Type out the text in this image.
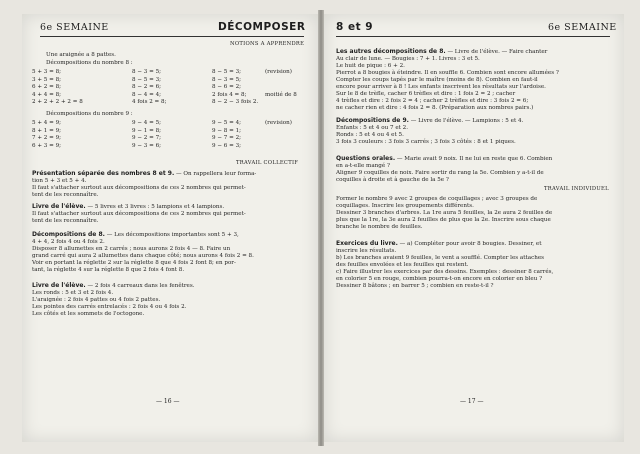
6e SEMAINE	DÉCOMPOSER
NOTIONS A APPRENDRE
Une araignée a 8 pattes.
Décompositions du nombre 8 :
5 + 3 = 8;
3 + 5 = 8;
6 + 2 = 8;
4 + 4 = 8;
2 + 2 + 2 + 2 = 8
8 − 3 = 5;
8 − 5 = 3;
8 − 2 = 6;
8 − 4 = 4;
4 fois 2 = 8;
8 − 5 = 3;
8 − 3 = 5;
8 − 6 = 2;
2 fois 4 = 8;
8 − 2 − 3 fois 2.
(revision)
moitié de 8
Décompositions du nombre 9 :
5 + 4 = 9;
8 + 1 = 9;
7 + 2 = 9;
6 + 3 = 9;
9 − 4 = 5;
9 − 1 = 8;
9 − 2 = 7;
9 − 3 = 6;
9 − 5 = 4;
9 − 8 = 1;
9 − 7 = 2;
9 − 6 = 3;
(revision)
TRAVAIL COLLECTIF
Présentation séparée des nombres 8 et 9. — On rappellera leur forma-
tion 5 + 3 et 5 + 4.
Il faut s'attacher surtout aux décompositions de ces 2 nombres qui permet-
tent de les reconnaître.
Livre de l'élève. — 5 livres et 3 livres : 5 lampions et 4 lampions.
Il faut s'attacher surtout aux décompositions de ces 2 nombres qui permet-
tent de les reconnaître.
Décompositions de 8. — Les décompositions importantes sont 5 + 3,
4 + 4, 2 fois 4 ou 4 fois 2.
Disposer 8 allumettes en 2 carrés ; nous aurons 2 fois 4 — 8. Faire un
grand carré qui aura 2 allumettes dans chaque côté; nous aurons 4 fois 2 = 8.
Voir en portant la réglette 2 sur la réglette 8 que 4 fois 2 font 8; en por-
tant, la réglette 4 sur la réglette 8 que 2 fois 4 font 8.
Livre de l'élève. — 2 fois 4 carreaux dans les fenêtres.
Les ronds : 5 et 3 et 2 fois 4.
L'araignée : 2 fois 4 pattes ou 4 fois 2 pattes.
Les pointes des carrés entrelacés : 2 fois 4 ou 4 fois 2.
Les côtés et les sommets de l'octogone.
— 16 —
8 et 9	6e SEMAINE
Les autres décompositions de 8. — Livre de l'élève. — Faire chanter
Au clair de lune. — Bougies : 7 + 1. Livres : 3 et 5.
Le huit de pique : 6 + 2.
Pierrot a 8 bougies à éteindre. Il en souffle 6. Combien sont encore allumées ?
Compter les coups tapés par le maître (moins de 8). Combien en faut-il
encore pour arriver à 8 ! Les enfants inscrivent les résultats sur l'ardoise.
Sur le 8 de trèfle, cacher 6 trèfles et dire : 1 fois 2 = 2 ; cacher
4 trèfles et dire : 2 fois 2 = 4 ; cacher 2 trèfles et dire : 3 fois 2 = 6;
ne cacher rien et dire : 4 fois 2 = 8. (Préparation aux nombres pairs.)
Décompositions de 9. — Livre de l'élève. — Lampions : 5 et 4.
Enfants : 5 et 4 ou 7 et 2.
Ronds : 5 et 4 ou 4 et 5.
3 fois 3 couleurs : 3 fois 3 carrés ; 3 fois 3 côtés : 8 et 1 piques.
Questions orales. — Marie avait 9 noix. Il ne lui en reste que 6. Combien
en a-t-elle mangé ?
Aligner 9 coquilles de noix. Faire sortir du rang la 5e. Combien y a-t-il de
coquilles à droite et à gauche de la 5e ?
TRAVAIL INDIVIDUEL
Former le nombre 9 avec 2 groupes de coquillages ; avec 3 groupes de
coquillages. Inscrire les groupements différents.
Dessiner 3 branches d'arbres. La 1re aura 5 feuilles, la 2e aura 2 feuilles de
plus que la 1re, la 3e aura 2 feuilles de plus que la 2e. Inscrire sous chaque
branche le nombre de feuilles.
Exercices du livre. — a) Compléter pour avoir 8 bougies. Dessiner, et
inscrire les résultats.
b) Les branches avaient 9 feuilles, le vent a soufflé. Compter les attaches
des feuilles envolées et les feuilles qui restent.
c) Faire illustrer les exercices par des dessins. Exemples : dessiner 8 carrés,
en colorier 5 en rouge, combien pourra-t-on encore en colorier en bleu ?
Dessiner 8 bâtons ; en barrer 5 ; combien en reste-t-il ?
— 17 —
